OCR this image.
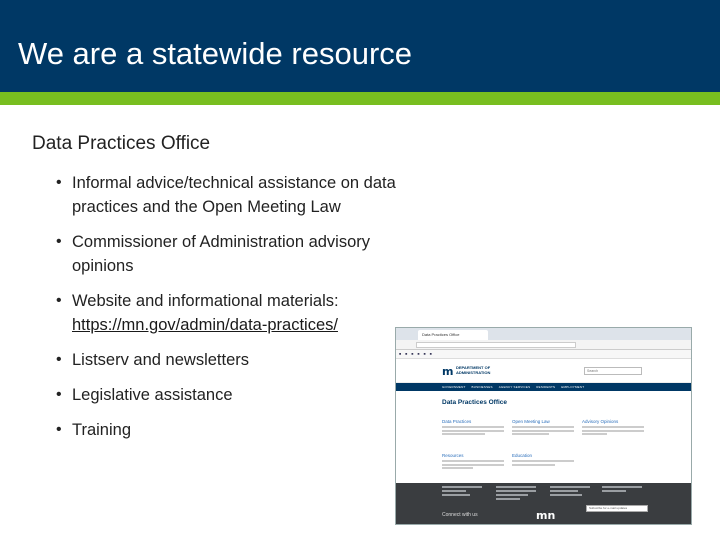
We are a statewide resource
Data Practices Office
• Informal advice/technical assistance on data practices and the Open Meeting Law
• Commissioner of Administration advisory opinions
• Website and informational materials:
https://mn.gov/admin/data-practices/
• Listserv and newsletters
• Legislative assistance
• Training
Data Practices Office
■ ■ ■ ■ ■ ■
m DEPARTMENT OF ADMINISTRATION	Search
GOVERNMENT BUSINESSES AGENCY SERVICES RESIDENTS EMPLOYMENT
Data Practices Office
Data Practices	Open Meeting Law	Advisory Opinions
Resources	Education
Connect with us	mn
Subscribe for e-mail updates
